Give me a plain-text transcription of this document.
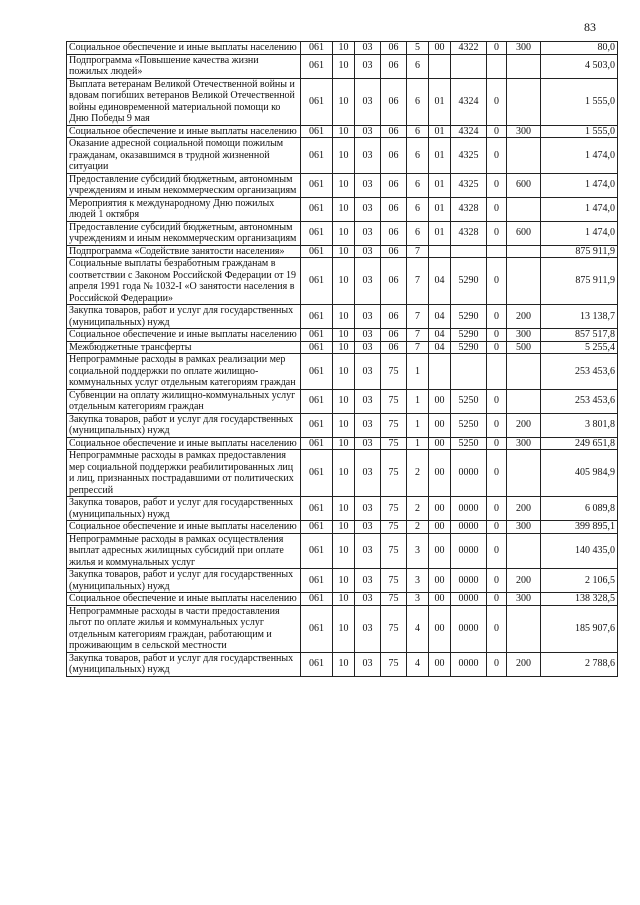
83
Социальное обеспечение и иные выплаты населению	061	10	03	06	5	00	4322	0	300	80,0
Подпрограмма «Повышение качества жизни пожилых людей»	061	10	03	06	6					4 503,0
Выплата ветеранам Великой Отечественной войны и вдовам погибших ветеранов Великой Отечественной войны единовременной материальной помощи ко Дню Победы 9 мая	061	10	03	06	6	01	4324	0		1 555,0
Социальное обеспечение и иные выплаты населению	061	10	03	06	6	01	4324	0	300	1 555,0
Оказание адресной социальной помощи пожилым гражданам, оказавшимся в трудной жизненной ситуации	061	10	03	06	6	01	4325	0		1 474,0
Предоставление субсидий бюджетным, автономным учреждениям и иным некоммерческим организациям	061	10	03	06	6	01	4325	0	600	1 474,0
Мероприятия к международному Дню пожилых людей 1 октября	061	10	03	06	6	01	4328	0		1 474,0
Предоставление субсидий бюджетным, автономным учреждениям и иным некоммерческим организациям	061	10	03	06	6	01	4328	0	600	1 474,0
Подпрограмма «Содействие занятости населения»	061	10	03	06	7					875 911,9
Социальные выплаты безработным гражданам в соответствии с Законом Российской Федерации от 19 апреля 1991 года № 1032-I «О занятости населения в Российской Федерации»	061	10	03	06	7	04	5290	0		875 911,9
Закупка товаров, работ и услуг для государственных (муниципальных) нужд	061	10	03	06	7	04	5290	0	200	13 138,7
Социальное обеспечение и иные выплаты населению	061	10	03	06	7	04	5290	0	300	857 517,8
Межбюджетные трансферты	061	10	03	06	7	04	5290	0	500	5 255,4
Непрограммные расходы в рамках реализации мер социальной поддержки по оплате жилищно-коммунальных услуг отдельным категориям граждан	061	10	03	75	1					253 453,6
Субвенции на оплату жилищно-коммунальных услуг отдельным категориям граждан	061	10	03	75	1	00	5250	0		253 453,6
Закупка товаров, работ и услуг для государственных (муниципальных) нужд	061	10	03	75	1	00	5250	0	200	3 801,8
Социальное обеспечение и иные выплаты населению	061	10	03	75	1	00	5250	0	300	249 651,8
Непрограммные расходы в рамках предоставления мер социальной поддержки реабилитированных лиц и лиц, признанных пострадавшими от политических репрессий	061	10	03	75	2	00	0000	0		405 984,9
Закупка товаров, работ и услуг для государственных (муниципальных) нужд	061	10	03	75	2	00	0000	0	200	6 089,8
Социальное обеспечение и иные выплаты населению	061	10	03	75	2	00	0000	0	300	399 895,1
Непрограммные расходы в рамках осуществления выплат адресных жилищных субсидий при оплате жилья и коммунальных услуг	061	10	03	75	3	00	0000	0		140 435,0
Закупка товаров, работ и услуг для государственных (муниципальных) нужд	061	10	03	75	3	00	0000	0	200	2 106,5
Социальное обеспечение и иные выплаты населению	061	10	03	75	3	00	0000	0	300	138 328,5
Непрограммные расходы в части предоставления льгот по оплате жилья и коммунальных услуг отдельным категориям граждан, работающим и проживающим в сельской местности	061	10	03	75	4	00	0000	0		185 907,6
Закупка товаров, работ и услуг для государственных (муниципальных) нужд	061	10	03	75	4	00	0000	0	200	2 788,6
